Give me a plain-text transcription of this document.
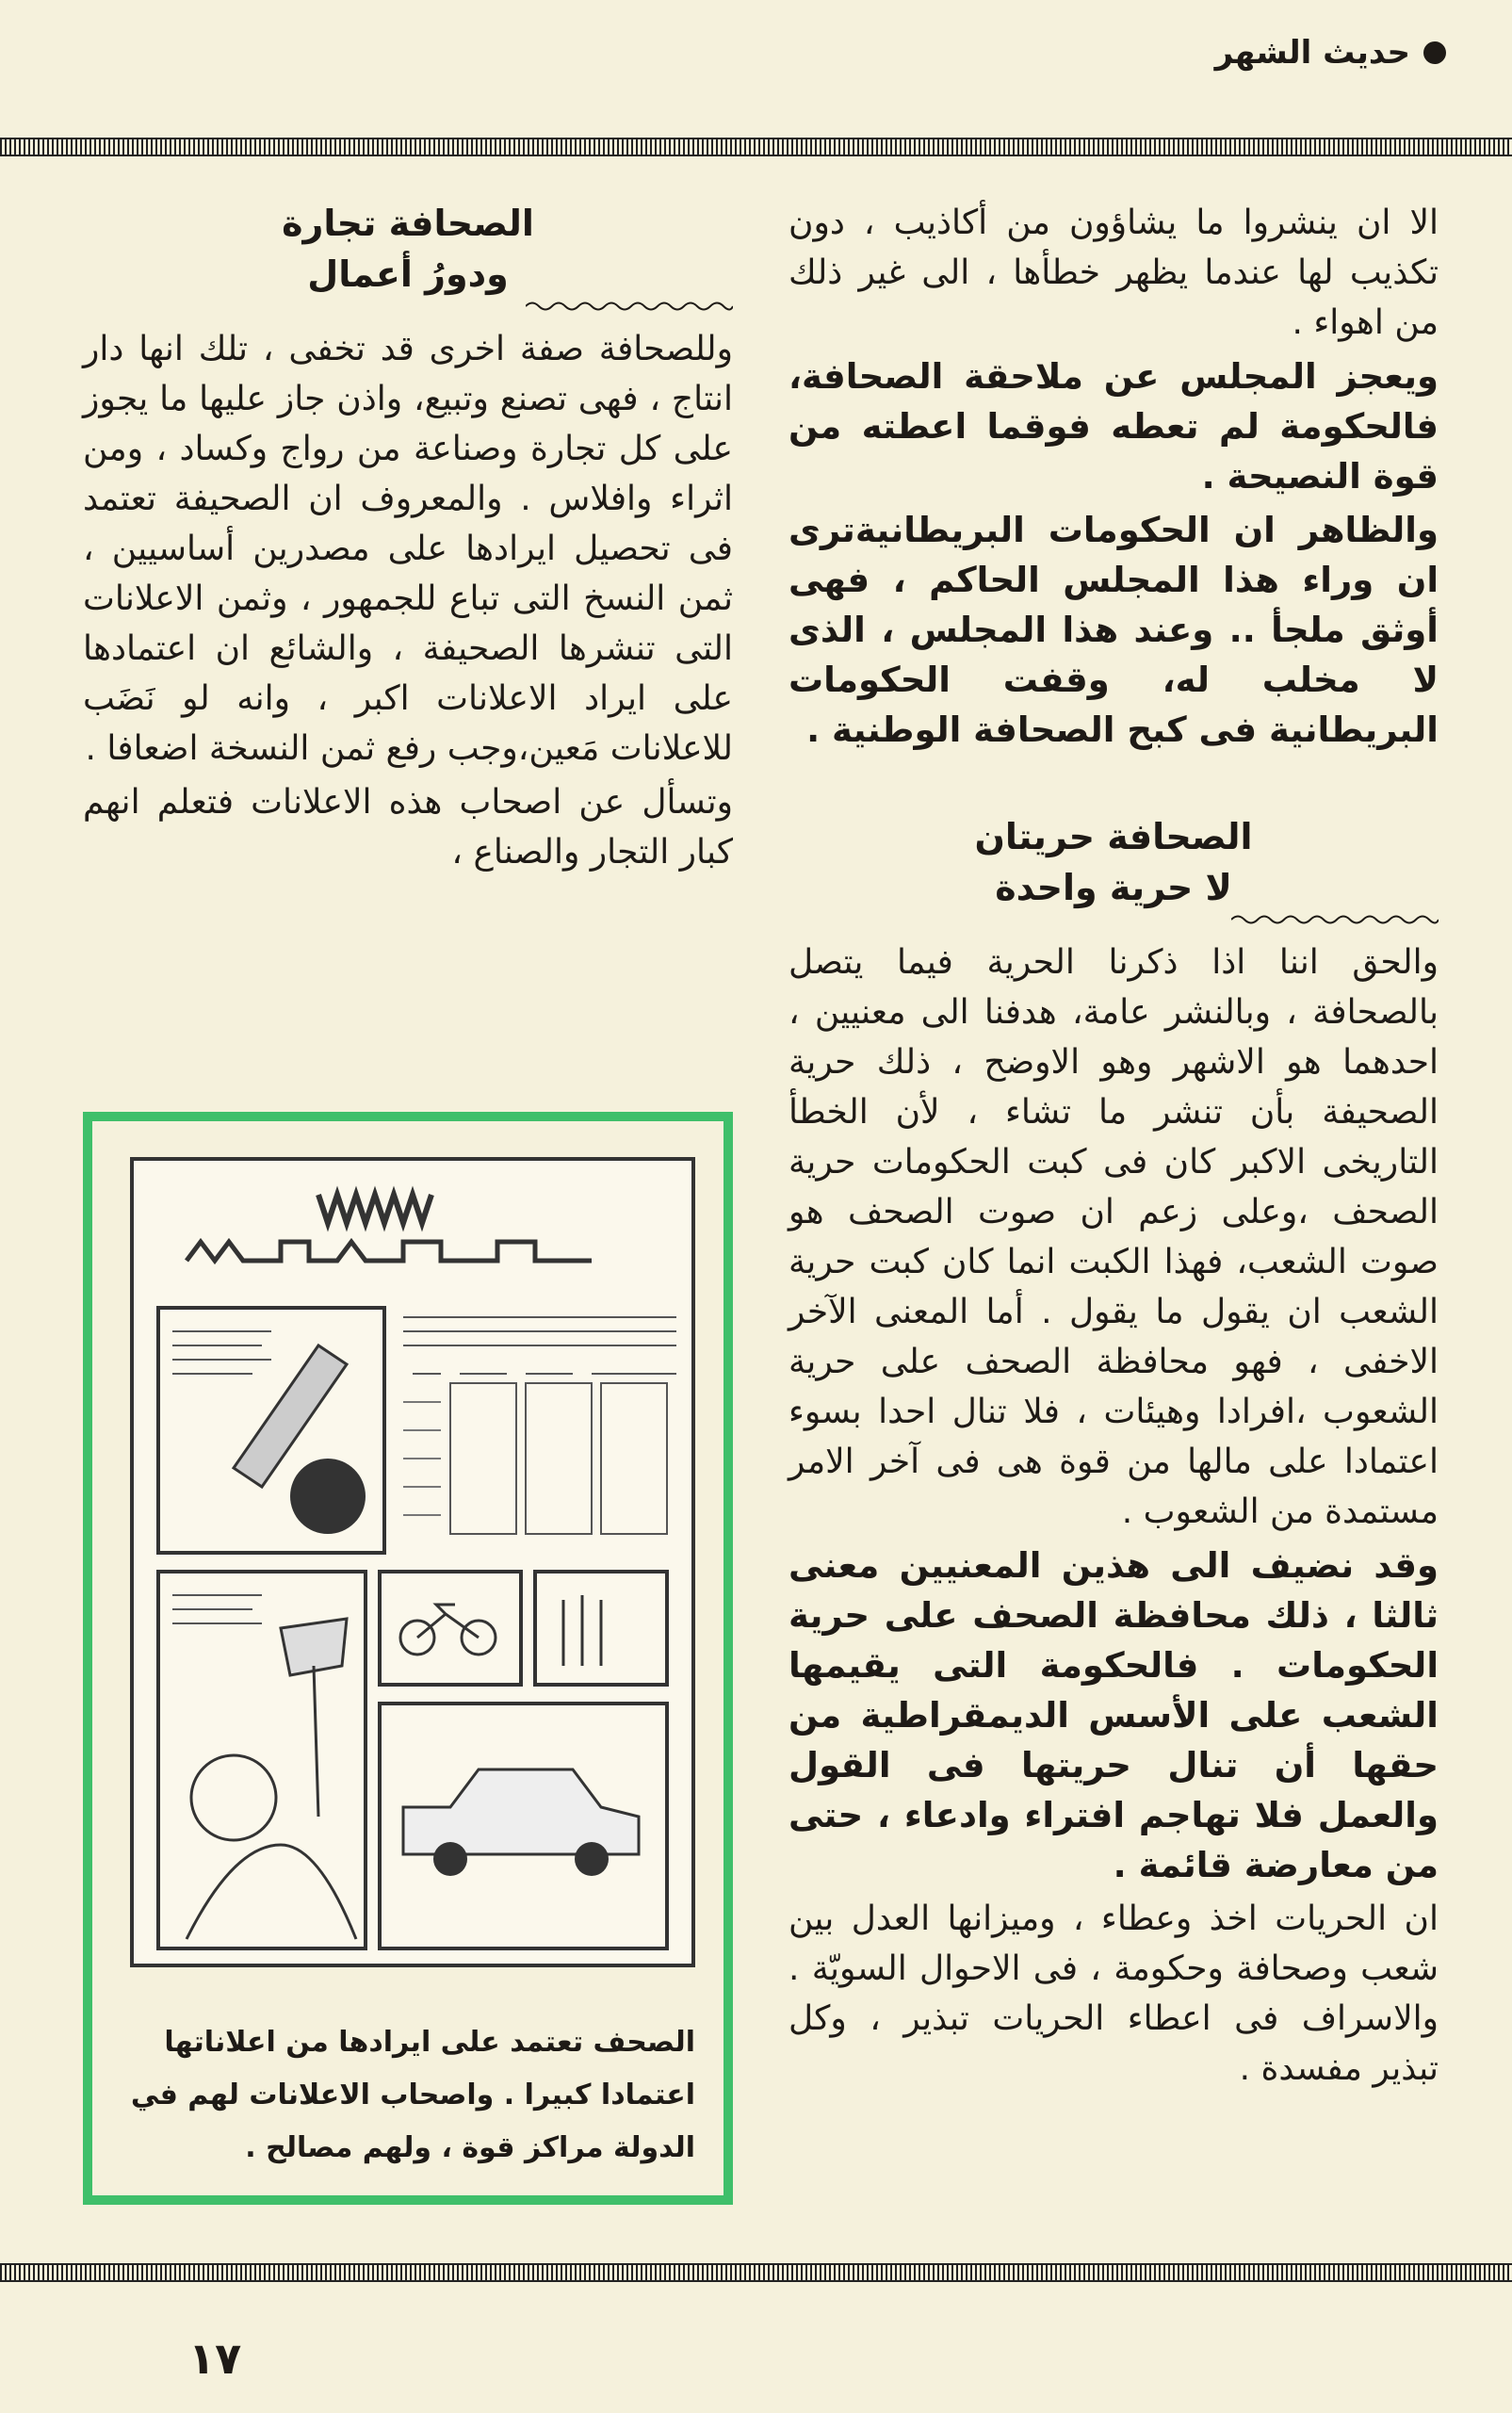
حديث الشهر

الا ان ينشروا ما يشاؤون من أكاذيب ، دون تكذيب لها عندما يظهر خطأها ، الى غير ذلك من اهواء .

ويعجز المجلس عن ملاحقة الصحافة، فالحكومة لم تعطه فوقما اعطته من قوة النصيحة .

والظاهر ان الحكومات البريطانيةترى ان وراء هذا المجلس الحاكم ، فهى أوثق ملجأ .. وعند هذا المجلس ، الذى لا مخلب له، وقفت الحكومات البريطانية فى كبح الصحافة الوطنية .

الصحافة حريتان

لا حرية واحدة

والحق اننا اذا ذكرنا الحرية فيما يتصل بالصحافة ، وبالنشر عامة، هدفنا الى معنيين ، احدهما هو الاشهر وهو الاوضح ، ذلك حرية الصحيفة بأن تنشر ما تشاء ، لأن الخطأ التاريخى الاكبر كان فى كبت الحكومات حرية الصحف ،وعلى زعم ان صوت الصحف هو صوت الشعب، فهذا الكبت انما كان كبت حرية الشعب ان يقول ما يقول . أما المعنى الآخر الاخفى ، فهو محافظة الصحف على حرية الشعوب ،افرادا وهيئات ، فلا تنال احدا بسوء اعتمادا على مالها من قوة هى فى آخر الامر مستمدة من الشعوب .

وقد نضيف الى هذين المعنيين معنى ثالثا ، ذلك محافظة الصحف على حرية الحكومات . فالحكومة التى يقيمها الشعب على الأسس الديمقراطية من حقها أن تنال حريتها فى القول والعمل فلا تهاجم افتراء وادعاء ، حتى من معارضة قائمة .

ان الحريات اخذ وعطاء ، وميزانها العدل بين شعب وصحافة وحكومة ، فى الاحوال السويّة . والاسراف فى اعطاء الحريات تبذير ، وكل تبذير مفسدة .

الصحافة تجارة

ودورُ أعمال

وللصحافة صفة اخرى قد تخفى ، تلك انها دار انتاج ، فهى تصنع وتبيع، واذن جاز عليها ما يجوز على كل تجارة وصناعة من رواج وكساد ، ومن اثراء وافلاس . والمعروف ان الصحيفة تعتمد فى تحصيل ايرادها على مصدرين أساسيين ، ثمن النسخ التى تباع للجمهور ، وثمن الاعلانات التى تنشرها الصحيفة ، والشائع ان اعتمادها على ايراد الاعلانات اكبر ، وانه لو نَضَب للاعلانات مَعين،وجب رفع ثمن النسخة اضعافا .

وتسأل عن اصحاب هذه الاعلانات فتعلم انهم كبار التجار والصناع ،

الصحف تعتمد على ايرادها من اعلاناتها اعتمادا كبيرا . واصحاب الاعلانات لهم في الدولة مراكز قوة ، ولهم مصالح .
١٧
